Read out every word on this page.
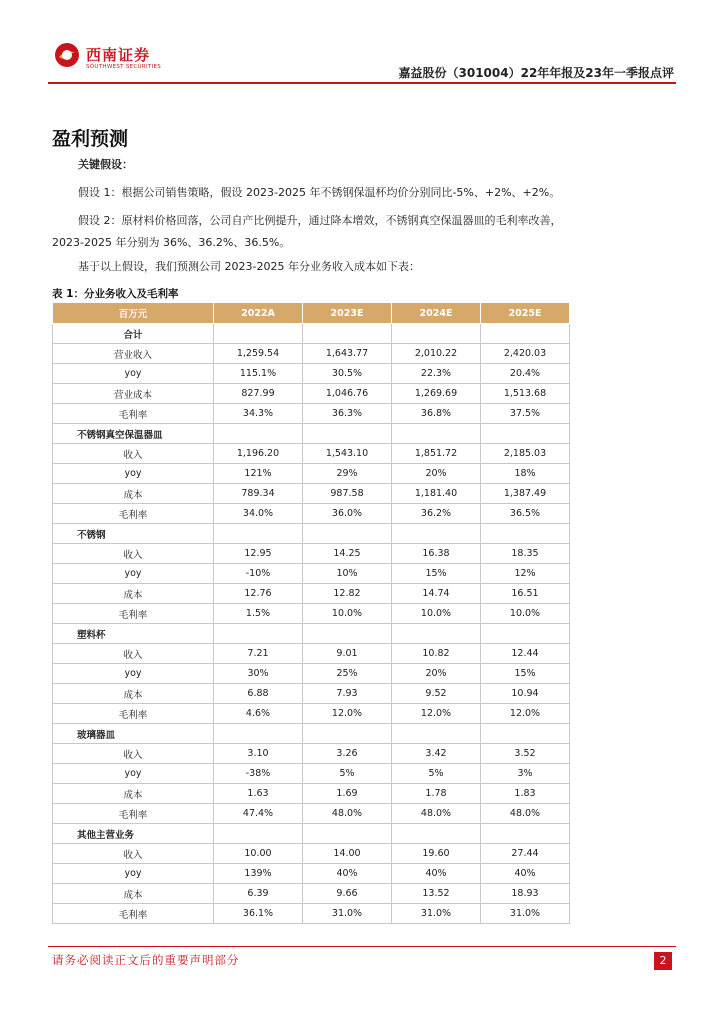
西南证券
SOUTHWEST SECURITIES	嘉益股份（301004）22年年报及23年一季报点评
盈利预测
关键假设：
假设 1：根据公司销售策略，假设 2023-2025 年不锈钢保温杯均价分别同比-5%、+2%、+2%。
假设 2：原材料价格回落，公司自产比例提升，通过降本增效，不锈钢真空保温器皿的毛利率改善，2023-2025 年分别为 36%、36.2%、36.5%。
基于以上假设，我们预测公司 2023-2025 年分业务收入成本如下表：
表 1：分业务收入及毛利率
百万元	2022A	2023E	2024E	2025E
合计				
营业收入	1,259.54	1,643.77	2,010.22	2,420.03
yoy	115.1%	30.5%	22.3%	20.4%
营业成本	827.99	1,046.76	1,269.69	1,513.68
毛利率	34.3%	36.3%	36.8%	37.5%
不锈钢真空保温器皿				
收入	1,196.20	1,543.10	1,851.72	2,185.03
yoy	121%	29%	20%	18%
成本	789.34	987.58	1,181.40	1,387.49
毛利率	34.0%	36.0%	36.2%	36.5%
不锈钢				
收入	12.95	14.25	16.38	18.35
yoy	-10%	10%	15%	12%
成本	12.76	12.82	14.74	16.51
毛利率	1.5%	10.0%	10.0%	10.0%
塑料杯				
收入	7.21	9.01	10.82	12.44
yoy	30%	25%	20%	15%
成本	6.88	7.93	9.52	10.94
毛利率	4.6%	12.0%	12.0%	12.0%
玻璃器皿				
收入	3.10	3.26	3.42	3.52
yoy	-38%	5%	5%	3%
成本	1.63	1.69	1.78	1.83
毛利率	47.4%	48.0%	48.0%	48.0%
其他主营业务				
收入	10.00	14.00	19.60	27.44
yoy	139%	40%	40%	40%
成本	6.39	9.66	13.52	18.93
毛利率	36.1%	31.0%	31.0%	31.0%
请务必阅读正文后的重要声明部分	2
